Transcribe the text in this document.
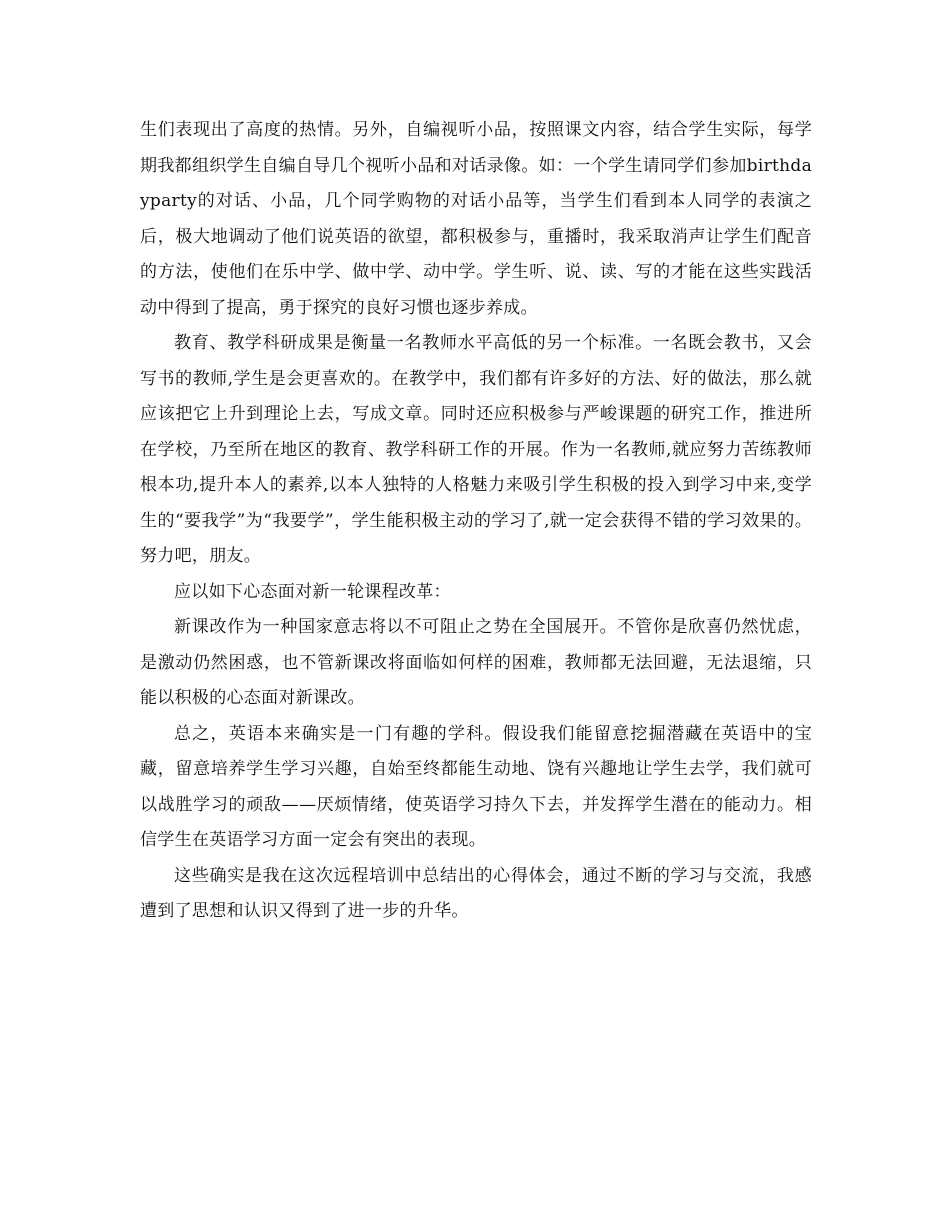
生们表现出了高度的热情。另外，自编视听小品，按照课文内容，结合学生实际，每学期我都组织学生自编自导几个视听小品和对话录像。如：一个学生请同学们参加birthdayparty的对话、小品，几个同学购物的对话小品等，当学生们看到本人同学的表演之后，极大地调动了他们说英语的欲望，都积极参与，重播时，我采取消声让学生们配音的方法，使他们在乐中学、做中学、动中学。学生听、说、读、写的才能在这些实践活动中得到了提高，勇于探究的良好习惯也逐步养成。

教育、教学科研成果是衡量一名教师水平高低的另一个标准。一名既会教书，又会写书的教师,学生是会更喜欢的。在教学中，我们都有许多好的方法、好的做法，那么就应该把它上升到理论上去，写成文章。同时还应积极参与严峻课题的研究工作，推进所在学校，乃至所在地区的教育、教学科研工作的开展。作为一名教师,就应努力苦练教师根本功,提升本人的素养,以本人独特的人格魅力来吸引学生积极的投入到学习中来,变学生的“要我学”为“我要学”，学生能积极主动的学习了,就一定会获得不错的学习效果的。努力吧，朋友。

应以如下心态面对新一轮课程改革：

新课改作为一种国家意志将以不可阻止之势在全国展开。不管你是欣喜仍然忧虑，是激动仍然困惑，也不管新课改将面临如何样的困难，教师都无法回避，无法退缩，只能以积极的心态面对新课改。

总之，英语本来确实是一门有趣的学科。假设我们能留意挖掘潜藏在英语中的宝藏，留意培养学生学习兴趣，自始至终都能生动地、饶有兴趣地让学生去学，我们就可以战胜学习的顽敌——厌烦情绪，使英语学习持久下去，并发挥学生潜在的能动力。相信学生在英语学习方面一定会有突出的表现。

这些确实是我在这次远程培训中总结出的心得体会，通过不断的学习与交流，我感遭到了思想和认识又得到了进一步的升华。
